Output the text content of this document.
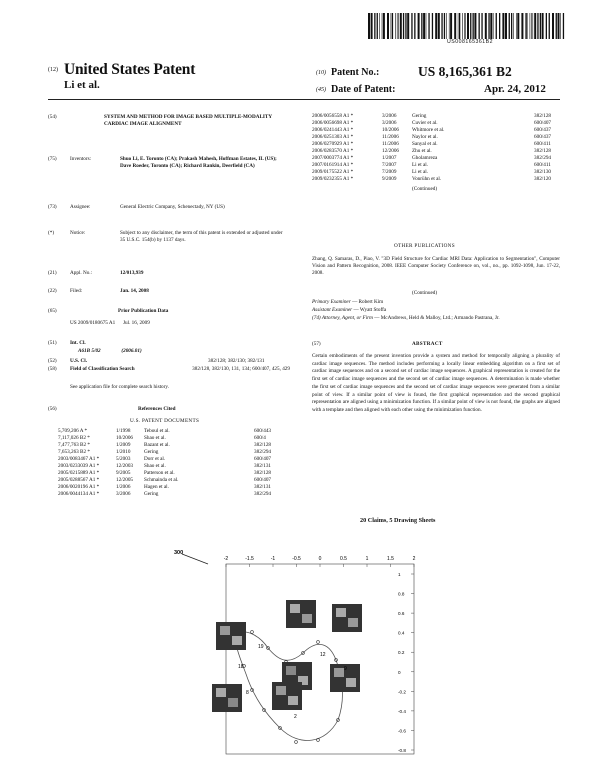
US008165361B2
(12) United States Patent
Li et al.
(10) Patent No.:	US 8,165,361 B2
(45) Date of Patent:	Apr. 24, 2012
(54)	SYSTEM AND METHOD FOR IMAGE BASED MULTIPLE-MODALITY CARDIAC IMAGE ALIGNMENT
(75)	Inventors:	Shuo Li, E. Toronto (CA); Prakash Mahesh, Hoffman Estates, IL (US); Dave Roeder, Toronto (CA); Richard Rankin, Deerfield (CA)
(73)	Assignee:	General Electric Company, Schenectady, NY (US)
(*)	Notice:	Subject to any disclaimer, the term of this patent is extended or adjusted under 35 U.S.C. 154(b) by 1137 days.
(21)	Appl. No.:	12/013,939
(22)	Filed:	Jan. 14, 2008
(65)	Prior Publication Data
US 2009/0180675 A1      Jul. 16, 2009
(51)	Int. Cl.
A61B 5/02                (2006.01)
(52)	U.S. Cl.	382/128; 382/130; 382/131
(58)	Field of Classification Search	382/128, 382/130, 131, 134; 600/407, 425, 429
See application file for complete search history.
(56)	References Cited
U.S. PATENT DOCUMENTS
5,709,206 A *	1/1998	Teboul et al.	600/443
7,117,026 B2 *	10/2006 Shao et al.	600/4
7,477,763 B2 *	1/2009	Bazant et al.	382/128
7,653,263 B2 *	1/2010	Gering	382/294
2003/0083467 A1 *	5/2003	Dorr et al.	600/407
2003/0233039 A1 *	12/2003 Shao et al.	382/131
2005/0215889 A1 *	9/2005	Patterson et al.	382/128
2005/0288567 A1 *	12/2005 Schmainda et al.	600/407
2006/0020196 A1 *	1/2006	Hagen et al.	382/131
2006/0044134 A1 *	3/2006	Gering	382/294
2006/0056558 A1 *	3/2006	Gering	382/128
2006/0056698 A1 *	3/2006	Cuvier et al.	600/407
2006/0241443 A1 *	10/2006 Whitmore et al.	600/437
2006/0251303 A1 *	11/2006	Naylor et al.	600/437
2006/0270929 A1 *	11/2006	Sanyal et al.	600/411
2006/0283570 A1 *	12/2006 Zhu et al.	382/128
2007/0003774 A1 *	1/2007	Gholamreza	382/294
2007/0161914 A1 *	7/2007	Li et al.	600/411
2009/0175522 A1 *	7/2009	Li et al.	382/130
2009/0232355 A1 *	9/2009	Vonrühn et al.	382/120
(Continued)
OTHER PUBLICATIONS
Zhang, Q. Samaras, D., Piao, V. "3D Field Structure for Cardiac MRI Data: Application to Segmentation", Computer Vision and Pattern Recognition, 2008. IEEE Computer Society Conference on, vol., no., pp. 1092-1098, Jun. 17-22, 2008.
(Continued)
Primary Examiner — Robert Kim
Assistant Examiner — Wyatt Stoffa
(74) Attorney, Agent, or Firm — McAndrews, Held & Malloy, Ltd.; Armando Pastrana, Jr.
(57)	ABSTRACT
Certain embodiments of the present invention provide a system and method for temporally aligning a plurality of cardiac image sequences. The method includes performing a locally linear embedding algorithm on a first set of cardiac image sequences and on a second set of cardiac image sequences. A graphical representation is created for the first set of cardiac image sequences and the second set of cardiac image sequences. A determination is made whether the first set of cardiac image sequences and the second set of cardiac image sequences were generated from a similar point of view. If a similar point of view is found, the first graphical representation and the second graphical representation are aligned using a minimization function. If a similar point of view is not found, the graphs are aligned with a template and then aligned with each other using the minimization function.
20 Claims, 5 Drawing Sheets
300
-2	-1.5	-1	-0.5	0	0.5	1	1.5	2
1
0.8
0.6
0.4
0.2
0
-0.2
-0.4
-0.6
-0.8
19
18
8
9
2
12
